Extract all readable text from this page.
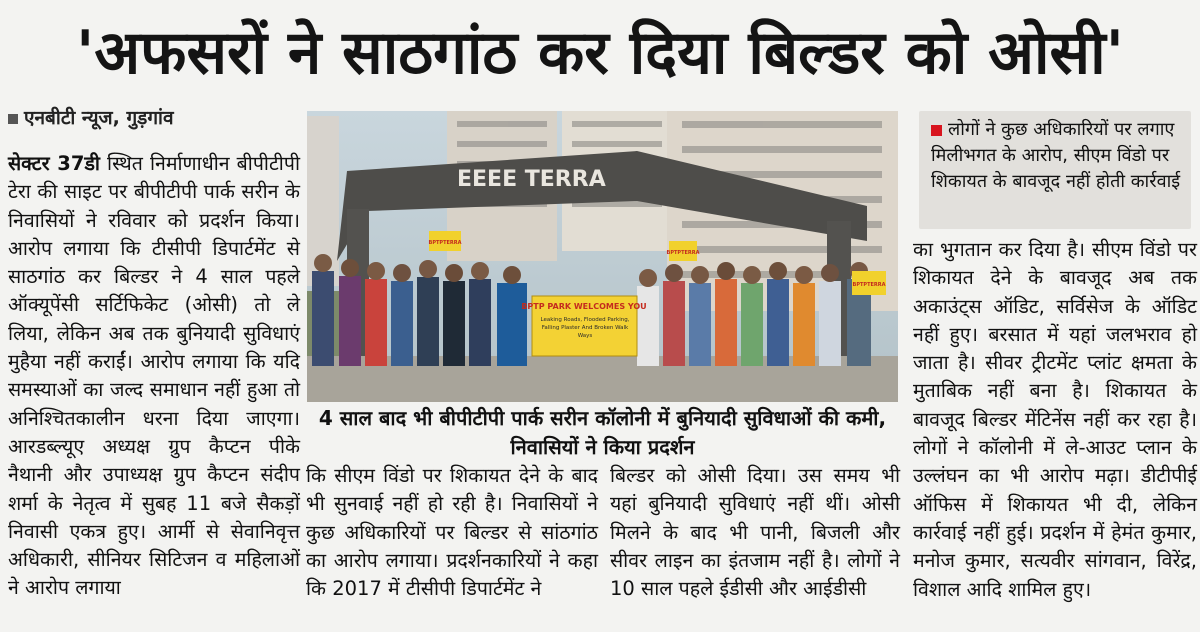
'अफसरों ने साठगांठ कर दिया बिल्डर को ओसी'
एनबीटी न्यूज, गुड़गांव

सेक्टर 37डी स्थित निर्माणाधीन बीपीटीपी टेरा की साइट पर बीपीटीपी पार्क सरीन के निवासियों ने रविवार को प्रदर्शन किया। आरोप लगाया कि टीसीपी डिपार्टमेंट से साठगांठ कर बिल्डर ने 4 साल पहले ऑक्यूपेंसी सर्टिफिकेट (ओसी) तो ले लिया, लेकिन अब तक बुनियादी सुविधाएं मुहैया नहीं कराईं। आरोप लगाया कि यदि समस्याओं का जल्द समाधान नहीं हुआ तो अनिश्चितकालीन धरना दिया जाएगा। आरडब्ल्यूए अध्यक्ष ग्रुप कैप्टन पीके नैथानी और उपाध्यक्ष ग्रुप कैप्टन संदीप शर्मा के नेतृत्व में सुबह 11 बजे सैकड़ों निवासी एकत्र हुए। आर्मी से सेवानिवृत्त अधिकारी, सीनियर सिटिजन व महिलाओं ने आरोप लगाया

EEEE TERRA
BPTP PARK WELCOMES YOU
Leaking Roads, Flooded Parking, Falling Plaster And Broken Walk Ways
BPTPTERRA
BPTPTERRA
BPTPTERRA
4 साल बाद भी बीपीटीपी पार्क सरीन कॉलोनी में बुनियादी सुविधाओं की कमी, निवासियों ने किया प्रदर्शन
लोगों ने कुछ अधिकारियों पर लगाए मिलीभगत के आरोप, सीएम विंडो पर शिकायत के बावजूद नहीं होती कार्रवाई

कि सीएम विंडो पर शिकायत देने के बाद भी सुनवाई नहीं हो रही है। निवासियों ने कुछ अधिकारियों पर बिल्डर से सांठगांठ का आरोप लगाया। प्रदर्शनकारियों ने कहा कि 2017 में टीसीपी डिपार्टमेंट ने

बिल्डर को ओसी दिया। उस समय भी यहां बुनियादी सुविधाएं नहीं थीं। ओसी मिलने के बाद भी पानी, बिजली और सीवर लाइन का इंतजाम नहीं है। लोगों ने 10 साल पहले ईडीसी और आईडीसी

का भुगतान कर दिया है। सीएम विंडो पर शिकायत देने के बावजूद अब तक अकाउंट्स ऑडिट, सर्विसेज के ऑडिट नहीं हुए। बरसात में यहां जलभराव हो जाता है। सीवर ट्रीटमेंट प्लांट क्षमता के मुताबिक नहीं बना है। शिकायत के बावजूद बिल्डर मेंटिनेंस नहीं कर रहा है। लोगों ने कॉलोनी में ले-आउट प्लान के उल्लंघन का भी आरोप मढ़ा। डीटीपीई ऑफिस में शिकायत भी दी, लेकिन कार्रवाई नहीं हुई। प्रदर्शन में हेमंत कुमार, मनोज कुमार, सत्यवीर सांगवान, विरेंद्र, विशाल आदि शामिल हुए।
